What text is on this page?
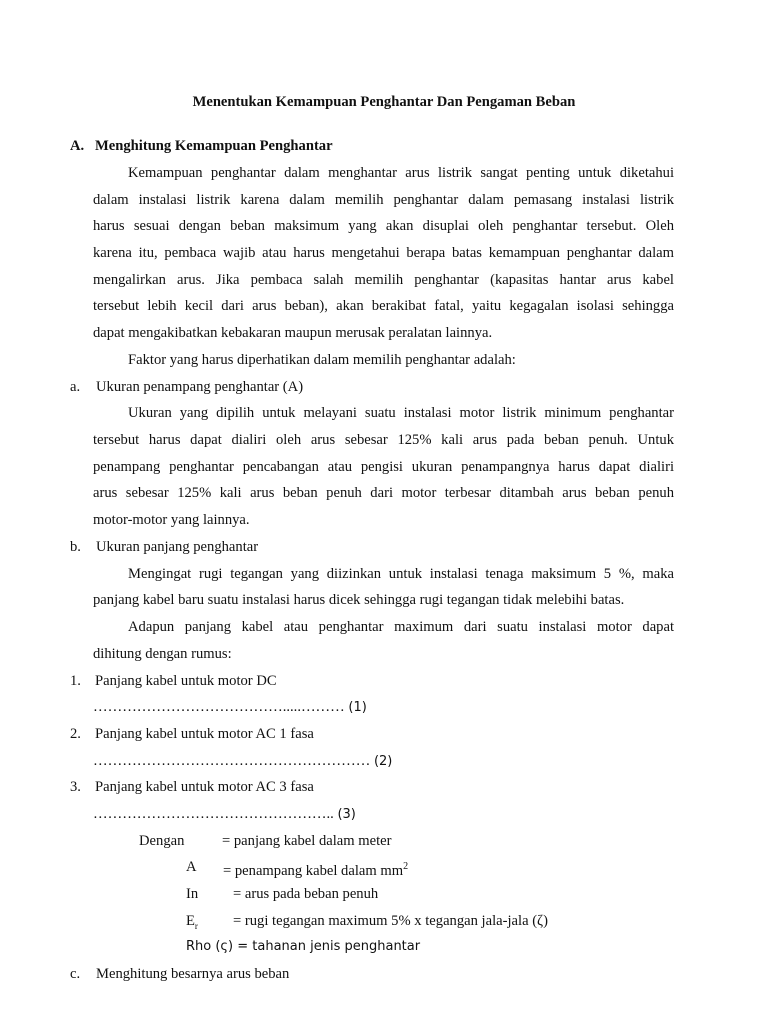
Menentukan Kemampuan Penghantar Dan Pengaman Beban
A. Menghitung Kemampuan Penghantar
Kemampuan penghantar dalam menghantar arus listrik sangat penting untuk diketahui
dalam instalasi listrik karena dalam memilih penghantar dalam pemasang instalasi listrik
harus sesuai dengan beban maksimum yang akan disuplai oleh penghantar tersebut. Oleh
karena itu, pembaca wajib atau harus mengetahui berapa batas kemampuan penghantar dalam
mengalirkan arus. Jika pembaca salah memilih penghantar (kapasitas hantar arus kabel
tersebut lebih kecil dari arus beban), akan berakibat fatal, yaitu kegagalan isolasi sehingga
dapat mengakibatkan kebakaran maupun merusak peralatan lainnya.
Faktor yang harus diperhatikan dalam memilih penghantar adalah:
a. Ukuran penampang penghantar (A)
Ukuran yang dipilih untuk melayani suatu instalasi motor listrik minimum penghantar
tersebut harus dapat dialiri oleh arus sebesar 125% kali arus pada beban penuh. Untuk
penampang penghantar pencabangan atau pengisi ukuran penampangnya harus dapat dialiri
arus sebesar 125% kali arus beban penuh dari motor terbesar ditambah arus beban penuh
motor-motor yang lainnya.
b. Ukuran panjang penghantar
Mengingat rugi tegangan yang diizinkan untuk instalasi tenaga maksimum 5 %, maka
panjang kabel baru suatu instalasi harus dicek sehingga rugi tegangan tidak melebihi batas.
Adapun panjang kabel atau penghantar maximum dari suatu instalasi motor dapat
dihitung dengan rumus:
1. Panjang kabel untuk motor DC
………………………………….....……… (1)
2. Panjang kabel untuk motor AC 1 fasa
………………………………………………… (2)
3. Panjang kabel untuk motor AC 3 fasa
………………………………………….. (3)
Dengan	= panjang kabel dalam meter
A = penampang kabel dalam $mm^2$
In = arus pada beban penuh
$E_r$ = rugi tegangan maximum 5% x tegangan jala-jala (ζ)
Rho (ς) = tahanan jenis penghantar
c. Menghitung besarnya arus beban
